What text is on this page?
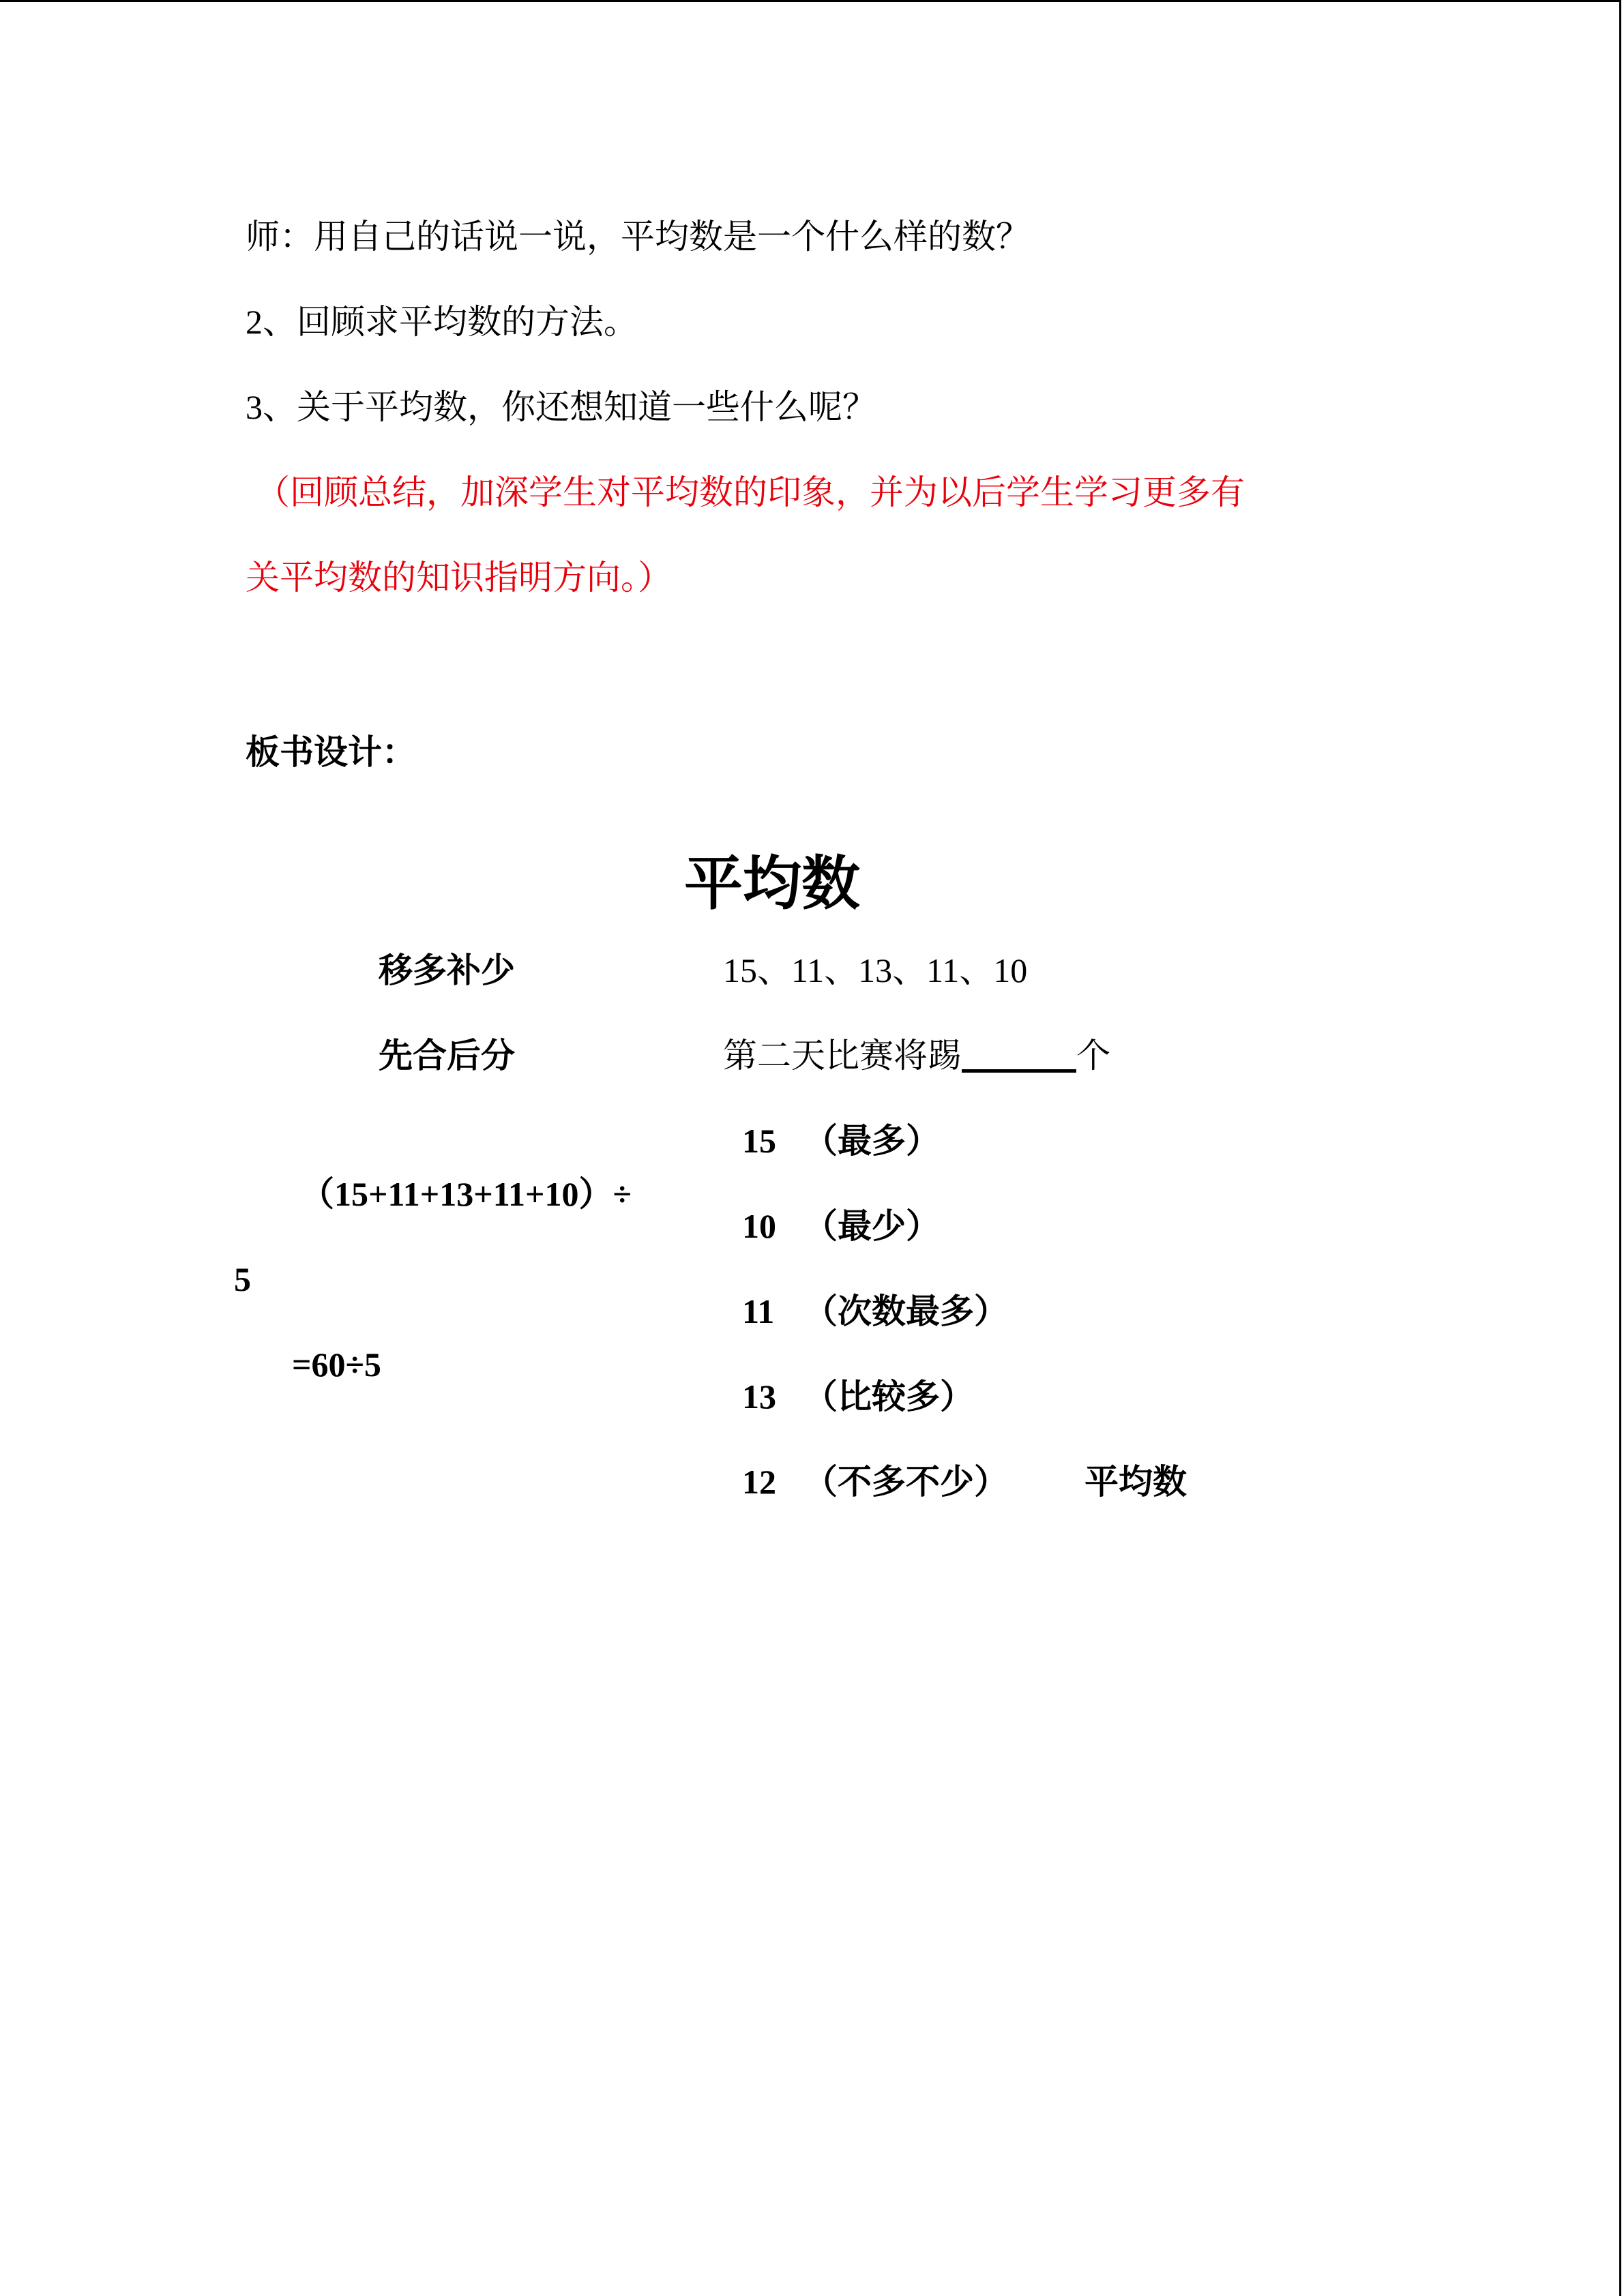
师：用自己的话说一说，平均数是一个什么样的数？
2、回顾求平均数的方法。
3、关于平均数，你还想知道一些什么呢？
（回顾总结，加深学生对平均数的印象，并为以后学生学习更多有
关平均数的知识指明方向。）
板书设计：
平均数
移多补少	15、11、13、11、10
先合后分	第二天比赛将踢	个
15 （最多）
（15+11+13+11+10）÷
10 （最少）
5
11 （次数最多）
=60÷5
13 （比较多）
12 （不多不少） 平均数
